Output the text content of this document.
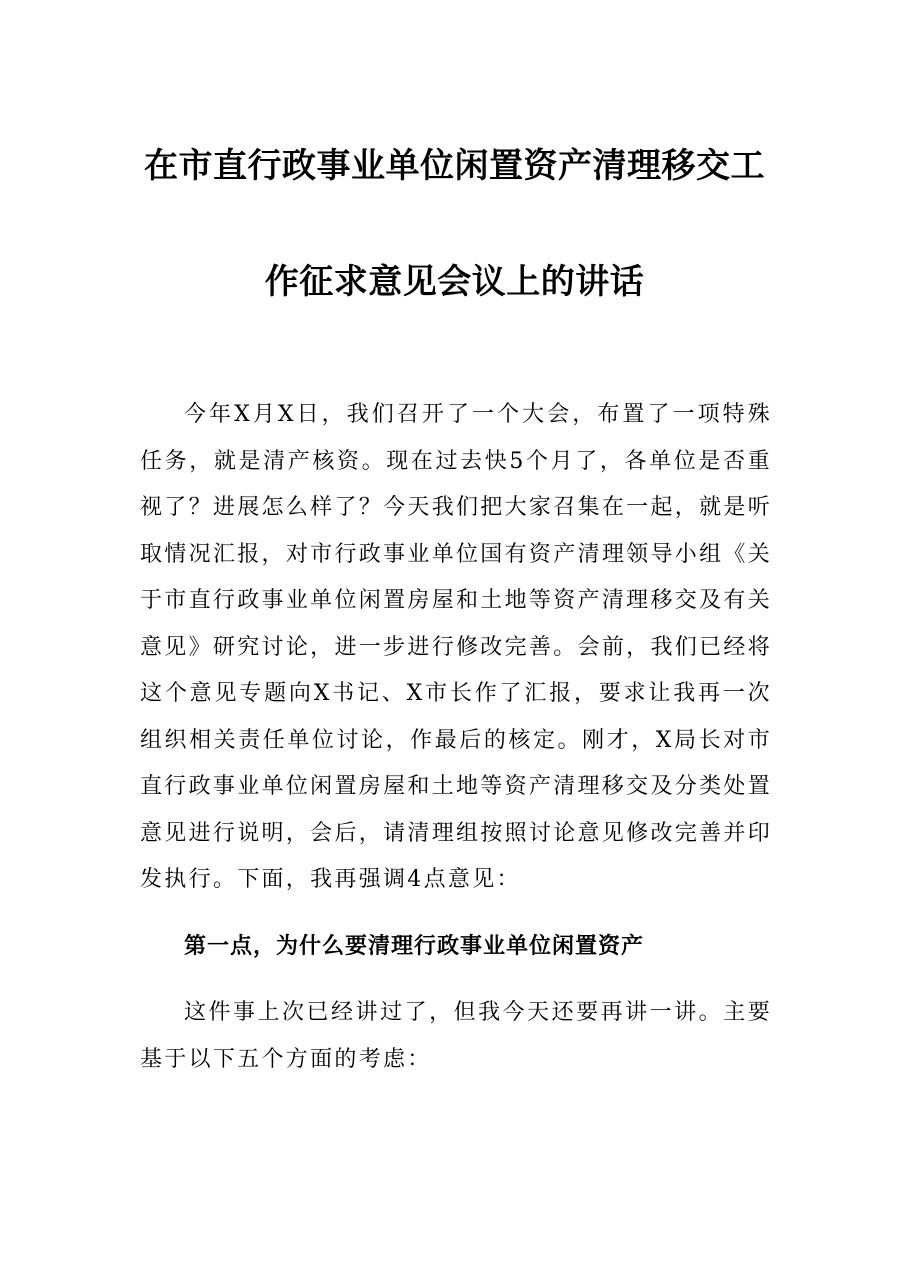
在市直行政事业单位闲置资产清理移交工
作征求意见会议上的讲话

今年X月X日，我们召开了一个大会，布置了一项特殊任务，就是清产核资。现在过去快5个月了，各单位是否重视了？进展怎么样了？今天我们把大家召集在一起，就是听取情况汇报，对市行政事业单位国有资产清理领导小组《关于市直行政事业单位闲置房屋和土地等资产清理移交及有关意见》研究讨论，进一步进行修改完善。会前，我们已经将这个意见专题向X书记、X市长作了汇报，要求让我再一次组织相关责任单位讨论，作最后的核定。刚才，X局长对市直行政事业单位闲置房屋和土地等资产清理移交及分类处置意见进行说明，会后，请清理组按照讨论意见修改完善并印发执行。下面，我再强调4点意见：

第一点，为什么要清理行政事业单位闲置资产

这件事上次已经讲过了，但我今天还要再讲一讲。主要基于以下五个方面的考虑：
